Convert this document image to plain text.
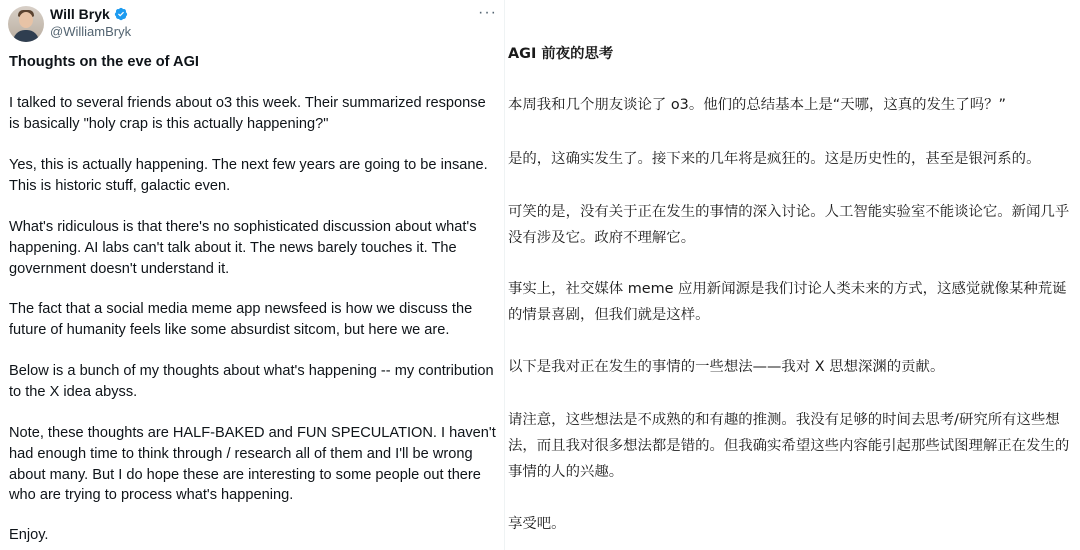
Will Bryk
@WilliamBryk
···

Thoughts on the eve of AGI

I talked to several friends about o3 this week. Their summarized response is basically "holy crap is this actually happening?"

Yes, this is actually happening. The next few years are going to be insane. This is historic stuff, galactic even.

What's ridiculous is that there's no sophisticated discussion about what's happening. AI labs can't talk about it. The news barely touches it. The government doesn't understand it.

The fact that a social media meme app newsfeed is how we discuss the future of humanity feels like some absurdist sitcom, but here we are.

Below is a bunch of my thoughts about what's happening -- my contribution to the X idea abyss.

Note, these thoughts are HALF-BAKED and FUN SPECULATION. I haven't had enough time to think through / research all of them and I'll be wrong about many. But I do hope these are interesting to some people out there who are trying to process what's happening.

Enjoy.

AGI 前夜的思考

本周我和几个朋友谈论了 o3。他们的总结基本上是“天哪，这真的发生了吗？”

是的，这确实发生了。接下来的几年将是疯狂的。这是历史性的，甚至是银河系的。

可笑的是，没有关于正在发生的事情的深入讨论。人工智能实验室不能谈论它。新闻几乎没有涉及它。政府不理解它。

事实上，社交媒体 meme 应用新闻源是我们讨论人类未来的方式，这感觉就像某种荒诞的情景喜剧，但我们就是这样。

以下是我对正在发生的事情的一些想法——我对 X 思想深渊的贡献。

请注意，这些想法是不成熟的和有趣的推测。我没有足够的时间去思考/研究所有这些想法，而且我对很多想法都是错的。但我确实希望这些内容能引起那些试图理解正在发生的事情的人的兴趣。

享受吧。
